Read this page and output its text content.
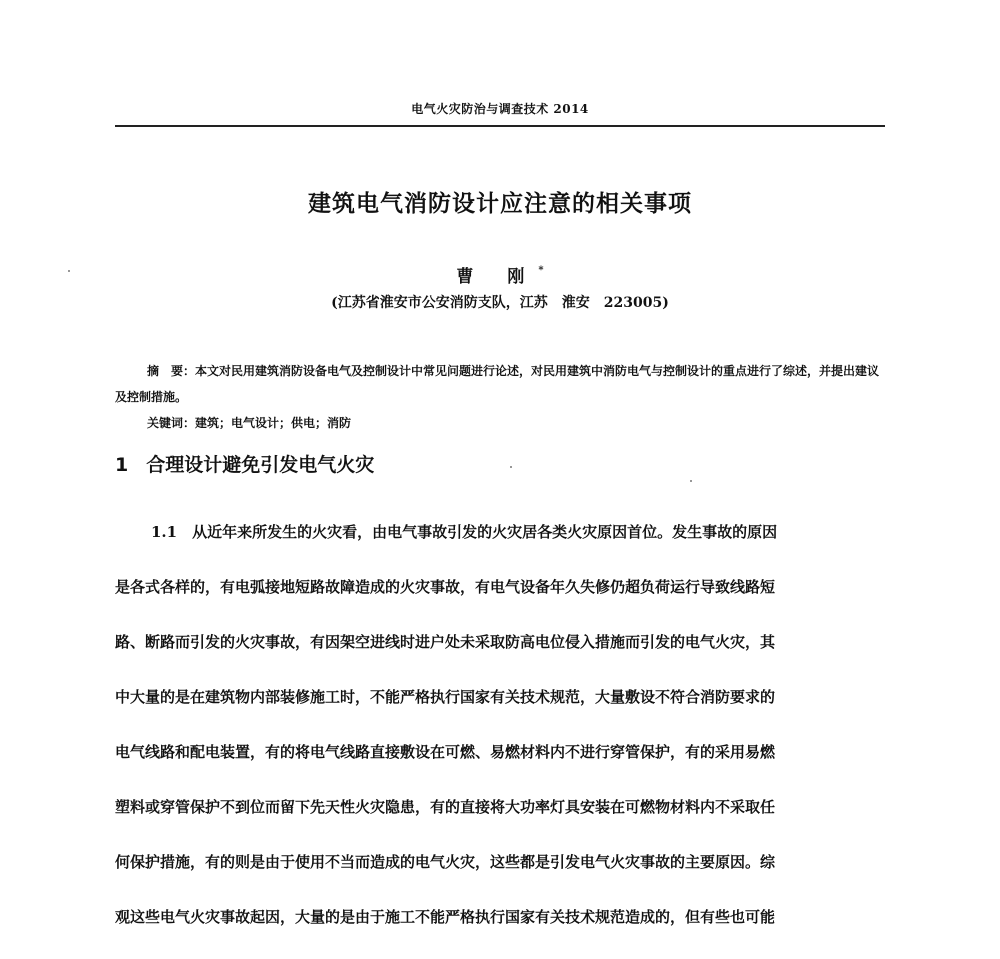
电气火灾防治与调查技术 2014
建筑电气消防设计应注意的相关事项
曹 刚*
(江苏省淮安市公安消防支队，江苏　淮安　223005)
摘　要：本文对民用建筑消防设备电气及控制设计中常见问题进行论述，对民用建筑中消防电气与控制设计的重点进行了综述，并提出建议及控制措施。
关键词：建筑；电气设计；供电；消防
1 合理设计避免引发电气火灾

1.1　 从近年来所发生的火灾看，由电气事故引发的火灾居各类火灾原因首位。发生事故的原因

是各式各样的，有电弧接地短路故障造成的火灾事故，有电气设备年久失修仍超负荷运行导致线路短

路、断路而引发的火灾事故，有因架空进线时进户处未采取防高电位侵入措施而引发的电气火灾，其

中大量的是在建筑物内部装修施工时，不能严格执行国家有关技术规范，大量敷设不符合消防要求的

电气线路和配电装置，有的将电气线路直接敷设在可燃、易燃材料内不进行穿管保护，有的采用易燃

塑料或穿管保护不到位而留下先天性火灾隐患，有的直接将大功率灯具安装在可燃物材料内不采取任

何保护措施，有的则是由于使用不当而造成的电气火灾，这些都是引发电气火灾事故的主要原因。综

观这些电气火灾事故起因，大量的是由于施工不能严格执行国家有关技术规范造成的，但有些也可能
